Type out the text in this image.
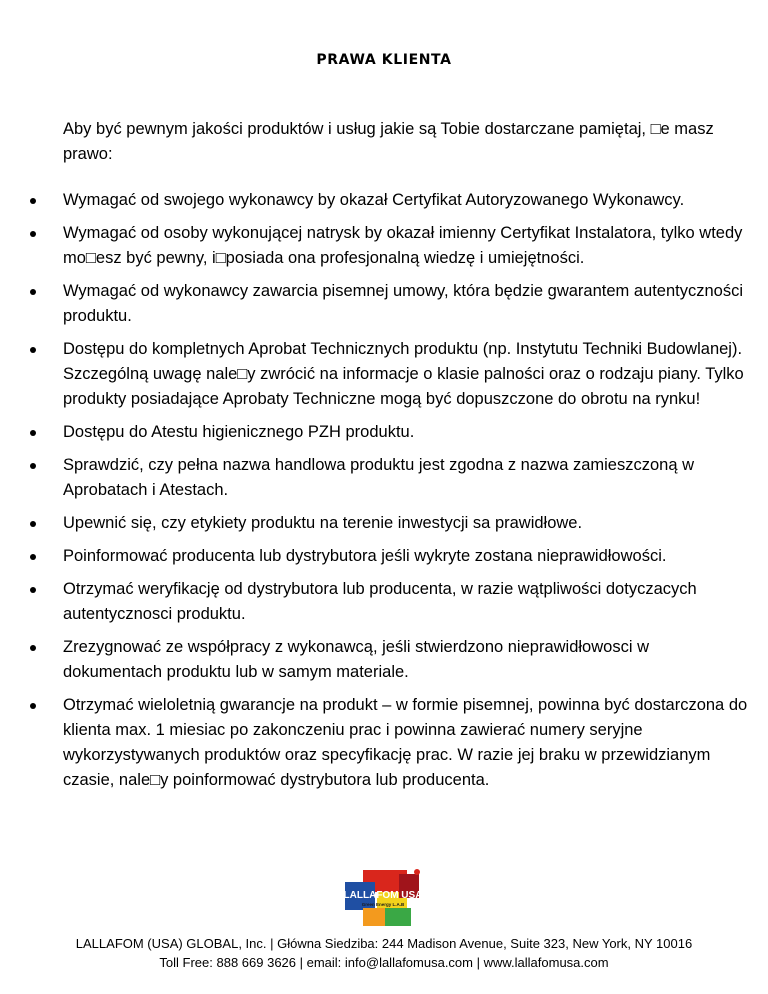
PRAWA KLIENTA

Aby być pewnym jakości produktów i usług jakie są Tobie dostarczane pamiętaj, □e masz prawo:

Wymagać od swojego wykonawcy by okazał Certyfikat Autoryzowanego Wykonawcy.
Wymagać od osoby wykonującej natrysk by okazał imienny Certyfikat Instalatora, tylko wtedy mo□esz być pewny, i□posiada ona profesjonalną wiedzę i umiejętności.
Wymagać od wykonawcy zawarcia pisemnej umowy, która będzie gwarantem autentyczności produktu.
Dostępu do kompletnych Aprobat Technicznych produktu (np. Instytutu Techniki Budowlanej). Szczególną uwagę nale□y zwrócić na informacje o klasie palności oraz o rodzaju piany. Tylko produkty posiadające Aprobaty Techniczne mogą być dopuszczone do obrotu na rynku!
Dostępu do Atestu higienicznego PZH produktu.
Sprawdzić, czy pełna nazwa handlowa produktu jest zgodna z nazwa zamieszczoną w Aprobatach i Atestach.
Upewnić się, czy etykiety produktu na terenie inwestycji sa prawidłowe.
Poinformować producenta lub dystrybutora jeśli wykryte zostana nieprawidłowości.
Otrzymać weryfikację od dystrybutora lub producenta, w razie wątpliwości dotyczacych autentycznosci produktu.
Zrezygnować ze współpracy z wykonawcą, jeśli stwierdzono nieprawidłowosci w dokumentach produktu lub w samym materiale.
Otrzymać wieloletnią gwarancje na produkt – w formie pisemnej, powinna być dostarczona do klienta max. 1 miesiac po zakonczeniu prac i powinna zawierać numery seryjne wykorzystywanych produktów oraz specyfikację prac. W razie jej braku w przewidzianym czasie, nale□y poinformować dystrybutora lub producenta.
LALLAFOM USA
Green Energy L.A.B
LALLAFOM (USA) GLOBAL, Inc. | Główna Siedziba: 244 Madison Avenue, Suite 323, New York, NY 10016
Toll Free: 888 669 3626 | email: info@lallafomusa.com | www.lallafomusa.com
